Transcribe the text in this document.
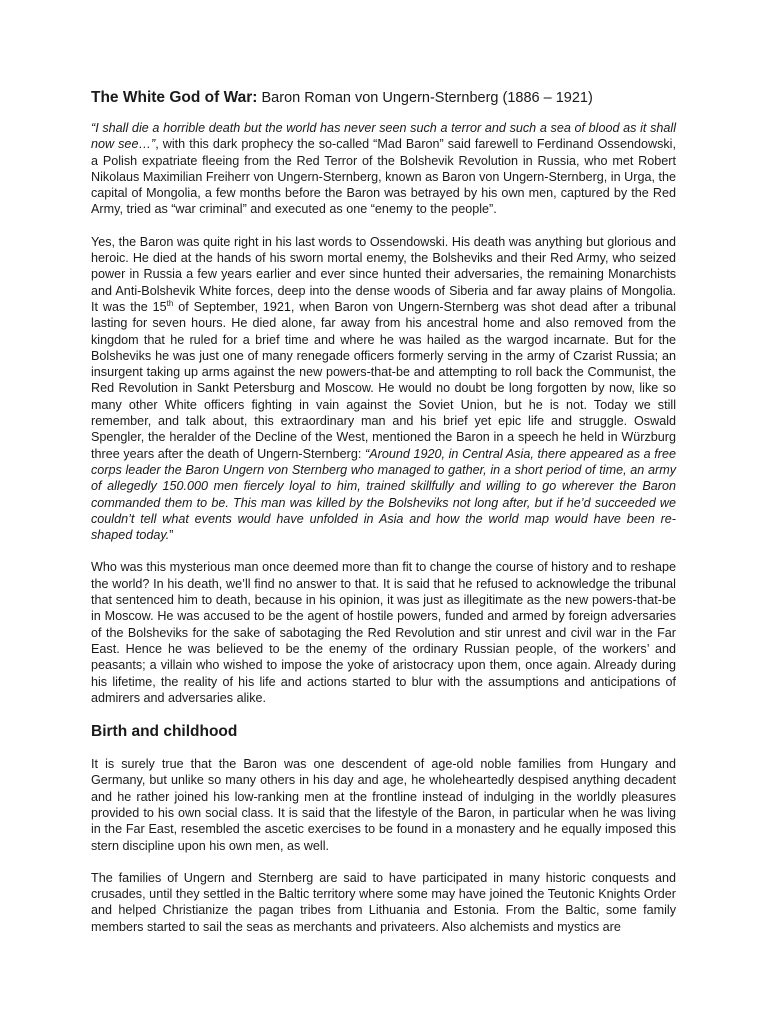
The White God of War: Baron Roman von Ungern-Sternberg (1886 – 1921)

“I shall die a horrible death but the world has never seen such a terror and such a sea of blood as it shall now see…”, with this dark prophecy the so-called “Mad Baron” said farewell to Ferdinand Ossendowski, a Polish expatriate fleeing from the Red Terror of the Bolshevik Revolution in Russia, who met Robert Nikolaus Maximilian Freiherr von Ungern-Sternberg, known as Baron von Ungern-Sternberg, in Urga, the capital of Mongolia, a few months before the Baron was betrayed by his own men, captured by the Red Army, tried as “war criminal” and executed as one “enemy to the people”.

Yes, the Baron was quite right in his last words to Ossendowski. His death was anything but glorious and heroic. He died at the hands of his sworn mortal enemy, the Bolsheviks and their Red Army, who seized power in Russia a few years earlier and ever since hunted their adversaries, the remaining Monarchists and Anti-Bolshevik White forces, deep into the dense woods of Siberia and far away plains of Mongolia. It was the 15th of September, 1921, when Baron von Ungern-Sternberg was shot dead after a tribunal lasting for seven hours. He died alone, far away from his ancestral home and also removed from the kingdom that he ruled for a brief time and where he was hailed as the wargod incarnate. But for the Bolsheviks he was just one of many renegade officers formerly serving in the army of Czarist Russia; an insurgent taking up arms against the new powers-that-be and attempting to roll back the Communist, the Red Revolution in Sankt Petersburg and Moscow. He would no doubt be long forgotten by now, like so many other White officers fighting in vain against the Soviet Union, but he is not. Today we still remember, and talk about, this extraordinary man and his brief yet epic life and struggle. Oswald Spengler, the heralder of the Decline of the West, mentioned the Baron in a speech he held in Würzburg three years after the death of Ungern-Sternberg: “Around 1920, in Central Asia, there appeared as a free corps leader the Baron Ungern von Sternberg who managed to gather, in a short period of time, an army of allegedly 150.000 men fiercely loyal to him, trained skillfully and willing to go wherever the Baron commanded them to be. This man was killed by the Bolsheviks not long after, but if he’d succeeded we couldn’t tell what events would have unfolded in Asia and how the world map would have been re-shaped today.”

Who was this mysterious man once deemed more than fit to change the course of history and to reshape the world? In his death, we’ll find no answer to that. It is said that he refused to acknowledge the tribunal that sentenced him to death, because in his opinion, it was just as illegitimate as the new powers-that-be in Moscow. He was accused to be the agent of hostile powers, funded and armed by foreign adversaries of the Bolsheviks for the sake of sabotaging the Red Revolution and stir unrest and civil war in the Far East. Hence he was believed to be the enemy of the ordinary Russian people, of the workers’ and peasants; a villain who wished to impose the yoke of aristocracy upon them, once again. Already during his lifetime, the reality of his life and actions started to blur with the assumptions and anticipations of admirers and adversaries alike.

Birth and childhood

It is surely true that the Baron was one descendent of age-old noble families from Hungary and Germany, but unlike so many others in his day and age, he wholeheartedly despised anything decadent and he rather joined his low-ranking men at the frontline instead of indulging in the worldly pleasures provided to his own social class. It is said that the lifestyle of the Baron, in particular when he was living in the Far East, resembled the ascetic exercises to be found in a monastery and he equally imposed this stern discipline upon his own men, as well.

The families of Ungern and Sternberg are said to have participated in many historic conquests and crusades, until they settled in the Baltic territory where some may have joined the Teutonic Knights Order and helped Christianize the pagan tribes from Lithuania and Estonia. From the Baltic, some family members started to sail the seas as merchants and privateers. Also alchemists and mystics are
